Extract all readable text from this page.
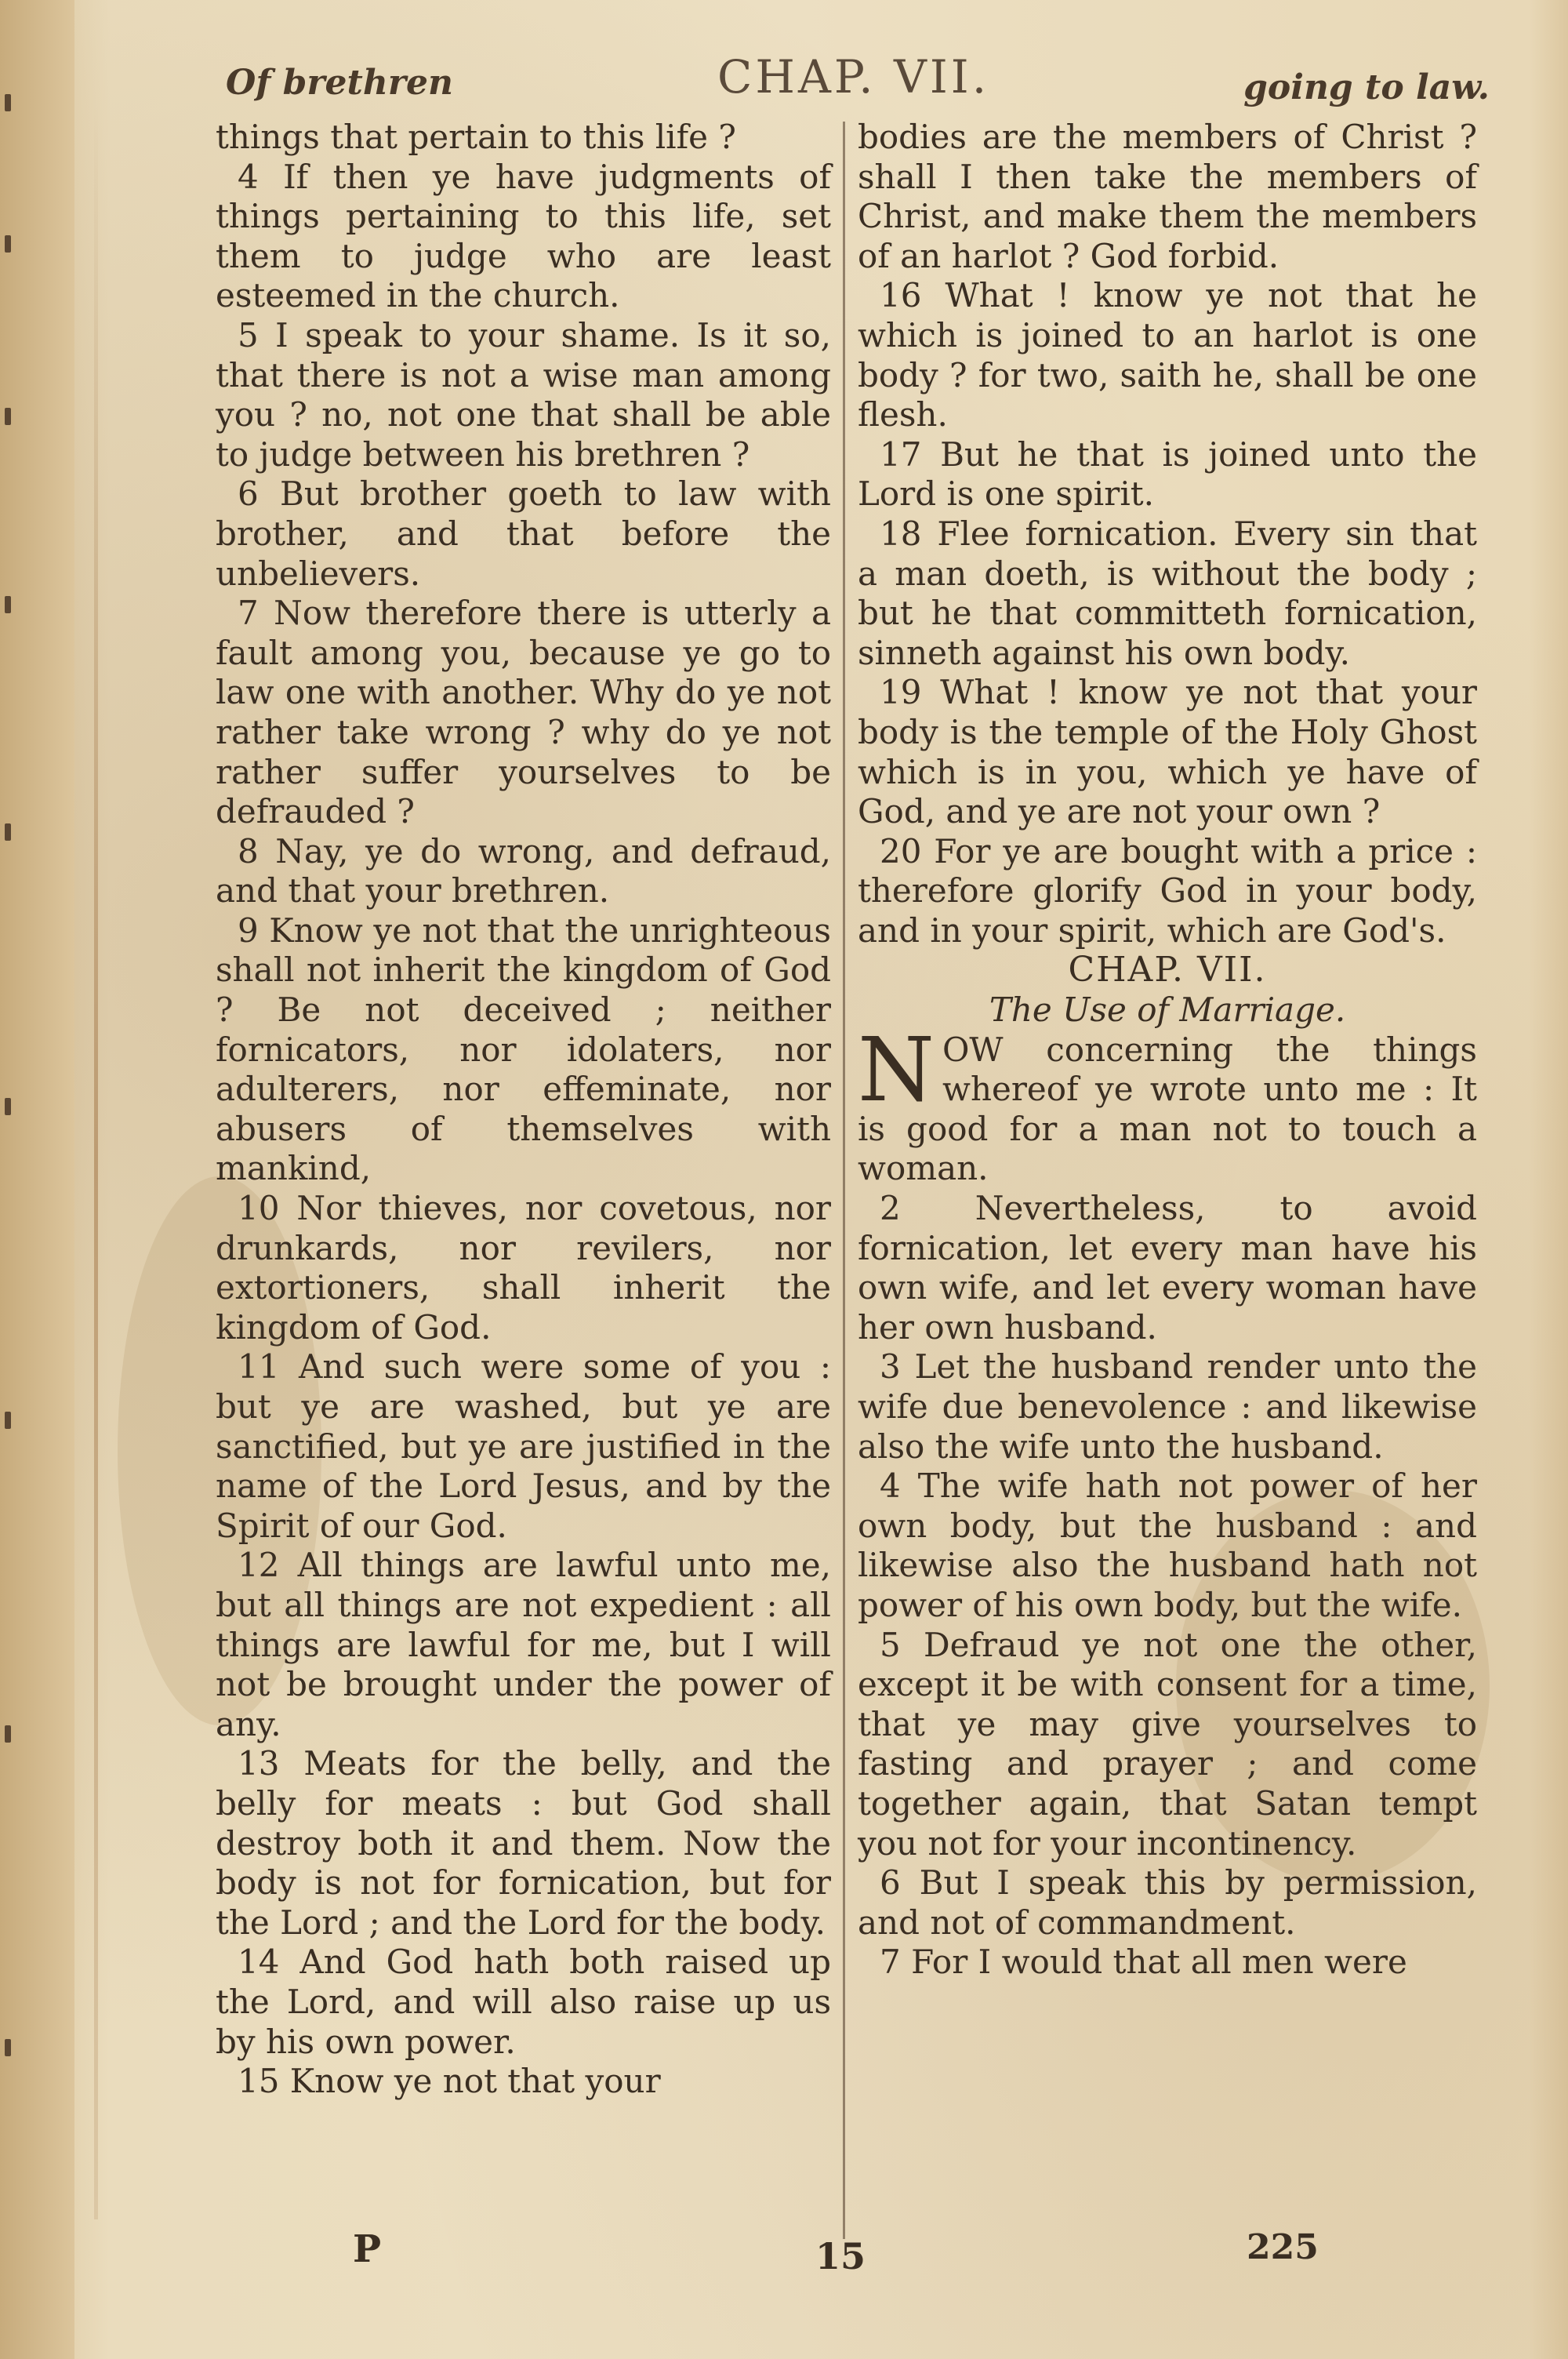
Of brethren	CHAP. VII.	going to law.

things that pertain to this life ?

4 If then ye have judgments of things pertaining to this life, set them to judge who are least esteemed in the church.

5 I speak to your shame. Is it so, that there is not a wise man among you ? no, not one that shall be able to judge between his brethren ?

6 But brother goeth to law with brother, and that before the unbelievers.

7 Now therefore there is utterly a fault among you, because ye go to law one with another. Why do ye not rather take wrong ? why do ye not rather suffer yourselves to be defrauded ?

8 Nay, ye do wrong, and defraud, and that your brethren.

9 Know ye not that the unrighteous shall not inherit the kingdom of God ? Be not deceived ; neither fornicators, nor idolaters, nor adulterers, nor effeminate, nor abusers of themselves with mankind,

10 Nor thieves, nor covetous, nor drunkards, nor revilers, nor extortioners, shall inherit the kingdom of God.

11 And such were some of you : but ye are washed, but ye are sanctified, but ye are justified in the name of the Lord Jesus, and by the Spirit of our God.

12 All things are lawful unto me, but all things are not expedient : all things are lawful for me, but I will not be brought under the power of any.

13 Meats for the belly, and the belly for meats : but God shall destroy both it and them. Now the body is not for fornication, but for the Lord ; and the Lord for the body.

14 And God hath both raised up the Lord, and will also raise up us by his own power.

15 Know ye not that your

bodies are the members of Christ ? shall I then take the members of Christ, and make them the members of an harlot ? God forbid.

16 What ! know ye not that he which is joined to an harlot is one body ? for two, saith he, shall be one flesh.

17 But he that is joined unto the Lord is one spirit.

18 Flee fornication. Every sin that a man doeth, is without the body ; but he that committeth fornication, sinneth against his own body.

19 What ! know ye not that your body is the temple of the Holy Ghost which is in you, which ye have of God, and ye are not your own ?

20 For ye are bought with a price : therefore glorify God in your body, and in your spirit, which are God's.

CHAP. VII.

The Use of Marriage.

NOW concerning the things whereof ye wrote unto me : It is good for a man not to touch a woman.

2 Nevertheless, to avoid fornication, let every man have his own wife, and let every woman have her own husband.

3 Let the husband render unto the wife due benevolence : and likewise also the wife unto the husband.

4 The wife hath not power of her own body, but the husband : and likewise also the husband hath not power of his own body, but the wife.

5 Defraud ye not one the other, except it be with consent for a time, that ye may give yourselves to fasting and prayer ; and come together again, that Satan tempt you not for your incontinency.

6 But I speak this by permission, and not of commandment.

7 For I would that all men were

P	15	225
